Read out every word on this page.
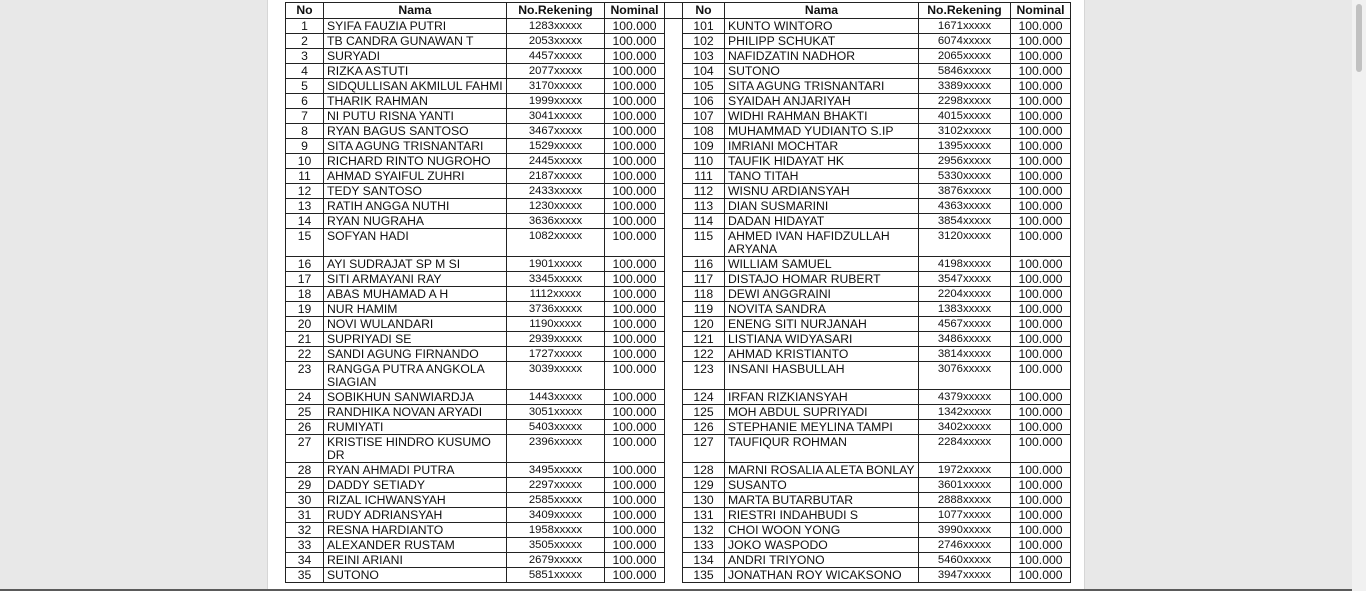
No	Nama	No.Rekening	Nominal		No	Nama	No.Rekening	Nominal
1	SYIFA FAUZIA PUTRI	1283xxxxx	100.000		101	KUNTO WINTORO	1671xxxxx	100.000
2	TB CANDRA GUNAWAN T	2053xxxxx	100.000		102	PHILIPP SCHUKAT	6074xxxxx	100.000
3	SURYADI	4457xxxxx	100.000		103	NAFIDZATIN NADHOR	2065xxxxx	100.000
4	RIZKA ASTUTI	2077xxxxx	100.000		104	SUTONO	5846xxxxx	100.000
5	SIDQULLISAN AKMILUL FAHMI	3170xxxxx	100.000		105	SITA AGUNG TRISNANTARI	3389xxxxx	100.000
6	THARIK RAHMAN	1999xxxxx	100.000		106	SYAIDAH ANJARIYAH	2298xxxxx	100.000
7	NI PUTU RISNA YANTI	3041xxxxx	100.000		107	WIDHI RAHMAN BHAKTI	4015xxxxx	100.000
8	RYAN BAGUS SANTOSO	3467xxxxx	100.000		108	MUHAMMAD YUDIANTO S.IP	3102xxxxx	100.000
9	SITA AGUNG TRISNANTARI	1529xxxxx	100.000		109	IMRIANI MOCHTAR	1395xxxxx	100.000
10	RICHARD RINTO NUGROHO	2445xxxxx	100.000		110	TAUFIK HIDAYAT HK	2956xxxxx	100.000
11	AHMAD SYAIFUL ZUHRI	2187xxxxx	100.000		111	TANO TITAH	5330xxxxx	100.000
12	TEDY SANTOSO	2433xxxxx	100.000		112	WISNU ARDIANSYAH	3876xxxxx	100.000
13	RATIH ANGGA NUTHI	1230xxxxx	100.000		113	DIAN SUSMARINI	4363xxxxx	100.000
14	RYAN NUGRAHA	3636xxxxx	100.000		114	DADAN HIDAYAT	3854xxxxx	100.000
15	SOFYAN HADI	1082xxxxx	100.000		115	AHMED IVAN HAFIDZULLAH ARYANA	3120xxxxx	100.000
16	AYI SUDRAJAT SP M SI	1901xxxxx	100.000		116	WILLIAM SAMUEL	4198xxxxx	100.000
17	SITI ARMAYANI RAY	3345xxxxx	100.000		117	DISTAJO HOMAR RUBERT	3547xxxxx	100.000
18	ABAS MUHAMAD A H	1112xxxxx	100.000		118	DEWI ANGGRAINI	2204xxxxx	100.000
19	NUR HAMIM	3736xxxxx	100.000		119	NOVITA SANDRA	1383xxxxx	100.000
20	NOVI WULANDARI	1190xxxxx	100.000		120	ENENG SITI NURJANAH	4567xxxxx	100.000
21	SUPRIYADI SE	2939xxxxx	100.000		121	LISTIANA WIDYASARI	3486xxxxx	100.000
22	SANDI AGUNG FIRNANDO	1727xxxxx	100.000		122	AHMAD KRISTIANTO	3814xxxxx	100.000
23	RANGGA PUTRA ANGKOLA SIAGIAN	3039xxxxx	100.000		123	INSANI HASBULLAH	3076xxxxx	100.000
24	SOBIKHUN SANWIARDJA	1443xxxxx	100.000		124	IRFAN RIZKIANSYAH	4379xxxxx	100.000
25	RANDHIKA NOVAN ARYADI	3051xxxxx	100.000		125	MOH ABDUL SUPRIYADI	1342xxxxx	100.000
26	RUMIYATI	5403xxxxx	100.000		126	STEPHANIE MEYLINA TAMPI	3402xxxxx	100.000
27	KRISTISE HINDRO KUSUMO DR	2396xxxxx	100.000		127	TAUFIQUR ROHMAN	2284xxxxx	100.000
28	RYAN AHMADI PUTRA	3495xxxxx	100.000		128	MARNI ROSALIA ALETA BONLAY	1972xxxxx	100.000
29	DADDY SETIADY	2297xxxxx	100.000		129	SUSANTO	3601xxxxx	100.000
30	RIZAL ICHWANSYAH	2585xxxxx	100.000		130	MARTA BUTARBUTAR	2888xxxxx	100.000
31	RUDY ADRIANSYAH	3409xxxxx	100.000		131	RIESTRI INDAHBUDI S	1077xxxxx	100.000
32	RESNA HARDIANTO	1958xxxxx	100.000		132	CHOI WOON YONG	3990xxxxx	100.000
33	ALEXANDER RUSTAM	3505xxxxx	100.000		133	JOKO WASPODO	2746xxxxx	100.000
34	REINI ARIANI	2679xxxxx	100.000		134	ANDRI TRIYONO	5460xxxxx	100.000
35	SUTONO	5851xxxxx	100.000		135	JONATHAN ROY WICAKSONO	3947xxxxx	100.000
